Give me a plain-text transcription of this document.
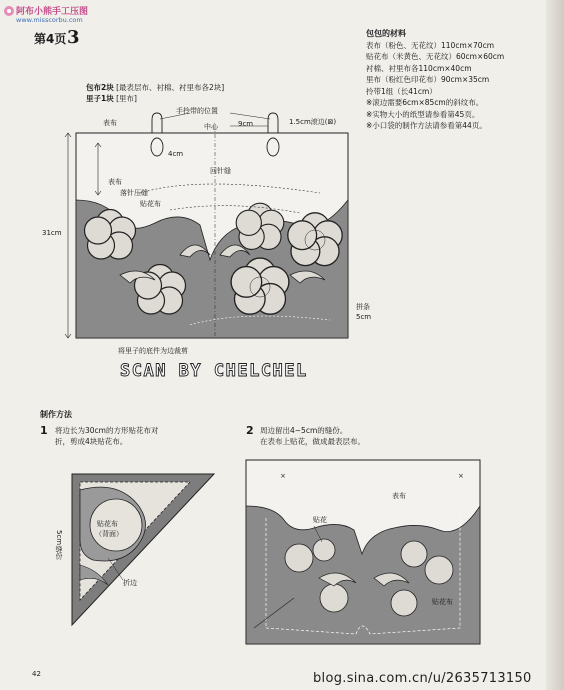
阿布小熊手工压图
www.misscorbu.com
第4页 3
包布2块 [最表层布、衬棉、衬里布各2块]
里子1块 [里布]
包包的材料
表布（粉色、无花纹）110cm×70cm
贴花布（米黄色、无花纹）60cm×60cm
衬棉、衬里布各110cm×40cm
里布（粉红色印花布）90cm×35cm
拎带1组（长41cm）
※滚边需要6cm×85cm的斜纹布。
※实物大小的纸型请参看第45页。
※小口袋的制作方法请参看第44页。
手拎带的位置
表布	中心	9cm	1.5cm滚边(⊠)
4cm
回针缝
表布
落针压缝
贴花布
31cm
拼条
5cm
将里子的底件为边裁剪
SCAN BY CHELCHEL
制作方法
1 将边长为30cm的方形贴花布对
折，剪成4块贴花布。
2 周边留出4~5cm的缝份。
在表布上贴花，做成最表层布。
贴花布
（背面）
5cm缝份
折边
×	×
表布
贴花
贴花布
42	blog.sina.com.cn/u/2635713150
